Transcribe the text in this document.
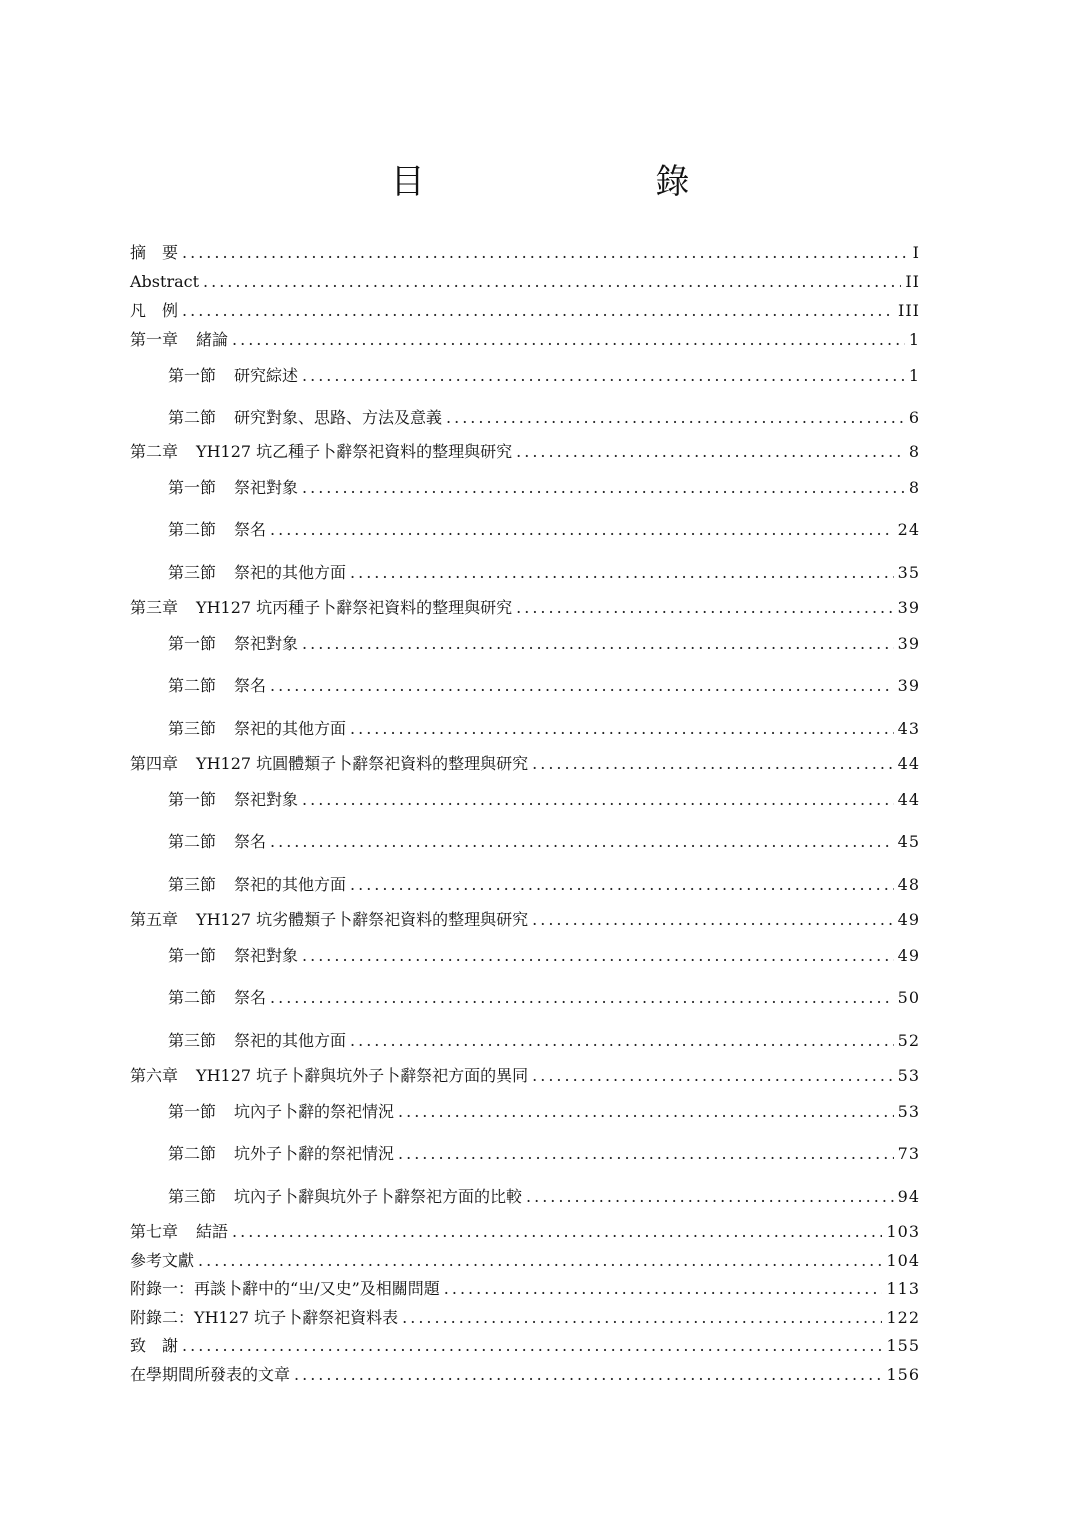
目 錄
摘　要 .....	I
Abstract .....	II
凡　例 .....	III
第一章 緒論 .....	1
第一節 研究綜述 .....	1
第二節 研究對象、思路、方法及意義 .....	6
第二章 YH127 坑乙種子卜辭祭祀資料的整理與研究 .....	8
第一節 祭祀對象 .....	8
第二節 祭名 .....	24
第三節 祭祀的其他方面 .....	35
第三章 YH127 坑丙種子卜辭祭祀資料的整理與研究 .....	39
第一節 祭祀對象 .....	39
第二節 祭名 .....	39
第三節 祭祀的其他方面 .....	43
第四章 YH127 坑圓體類子卜辭祭祀資料的整理與研究 .....	44
第一節 祭祀對象 .....	44
第二節 祭名 .....	45
第三節 祭祀的其他方面 .....	48
第五章 YH127 坑劣體類子卜辭祭祀資料的整理與研究 .....	49
第一節 祭祀對象 .....	49
第二節 祭名 .....	50
第三節 祭祀的其他方面 .....	52
第六章 YH127 坑子卜辭與坑外子卜辭祭祀方面的異同 .....	53
第一節 坑內子卜辭的祭祀情況 .....	53
第二節 坑外子卜辭的祭祀情況 .....	73
第三節 坑內子卜辭與坑外子卜辭祭祀方面的比較 .....	94
第七章 結語 .....	103
參考文獻 .....	104
附錄一：再談卜辭中的“㞢/又史”及相關問題 .....	113
附錄二：YH127 坑子卜辭祭祀資料表 .....	122
致　謝 .....	155
在學期間所發表的文章 .....	156
